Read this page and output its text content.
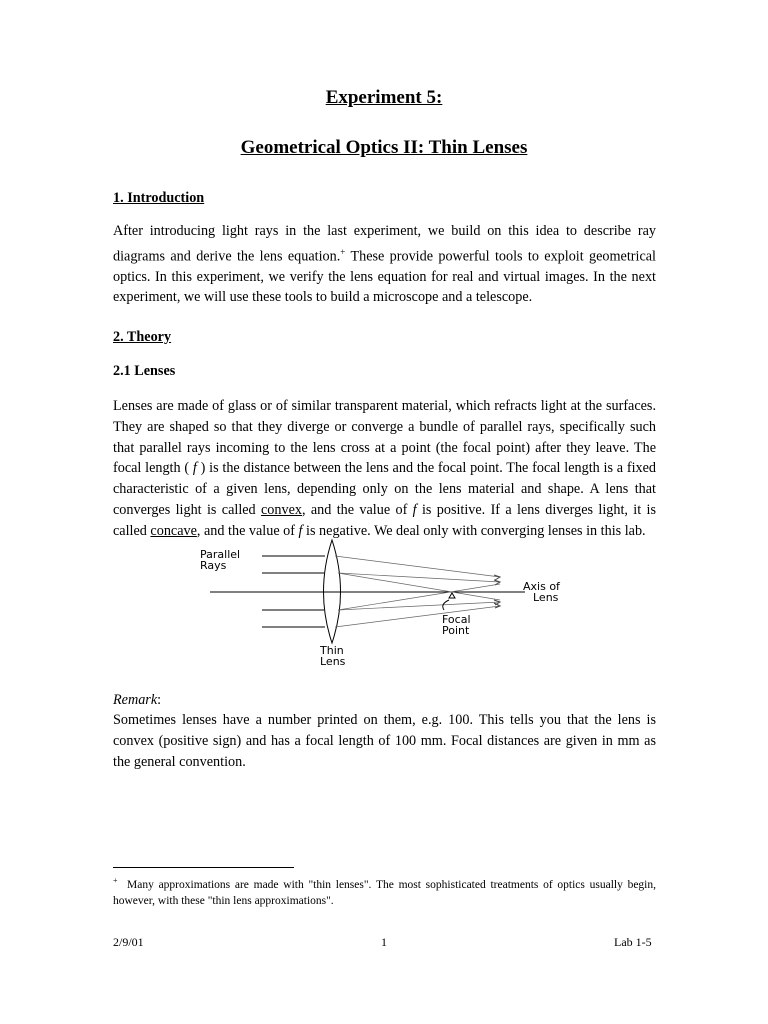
Experiment 5:
Geometrical Optics II: Thin Lenses
1. Introduction
After introducing light rays in the last experiment, we build on this idea to describe ray diagrams and derive the lens equation.+ These provide powerful tools to exploit geometrical optics. In this experiment, we verify the lens equation for real and virtual images. In the next experiment, we will use these tools to build a microscope and a telescope.
2. Theory
2.1 Lenses
Lenses are made of glass or of similar transparent material, which refracts light at the surfaces. They are shaped so that they diverge or converge a bundle of parallel rays, specifically such that parallel rays incoming to the lens cross at a point (the focal point) after they leave. The focal length ( f ) is the distance between the lens and the focal point. The focal length is a fixed characteristic of a given lens, depending only on the lens material and shape. A lens that converges light is called convex, and the value of f is positive. If a lens diverges light, it is called concave, and the value of f is negative. We deal only with converging lenses in this lab.
Parallel
Rays
Axis of
Lens
Focal
Point
Thin
Lens
Remark:
Sometimes lenses have a number printed on them, e.g. 100. This tells you that the lens is convex (positive sign) and has a focal length of 100 mm. Focal distances are given in mm as the general convention.
+ Many approximations are made with "thin lenses". The most sophisticated treatments of optics usually begin, however, with these "thin lens approximations".
2/9/01	1	Lab 1-5
